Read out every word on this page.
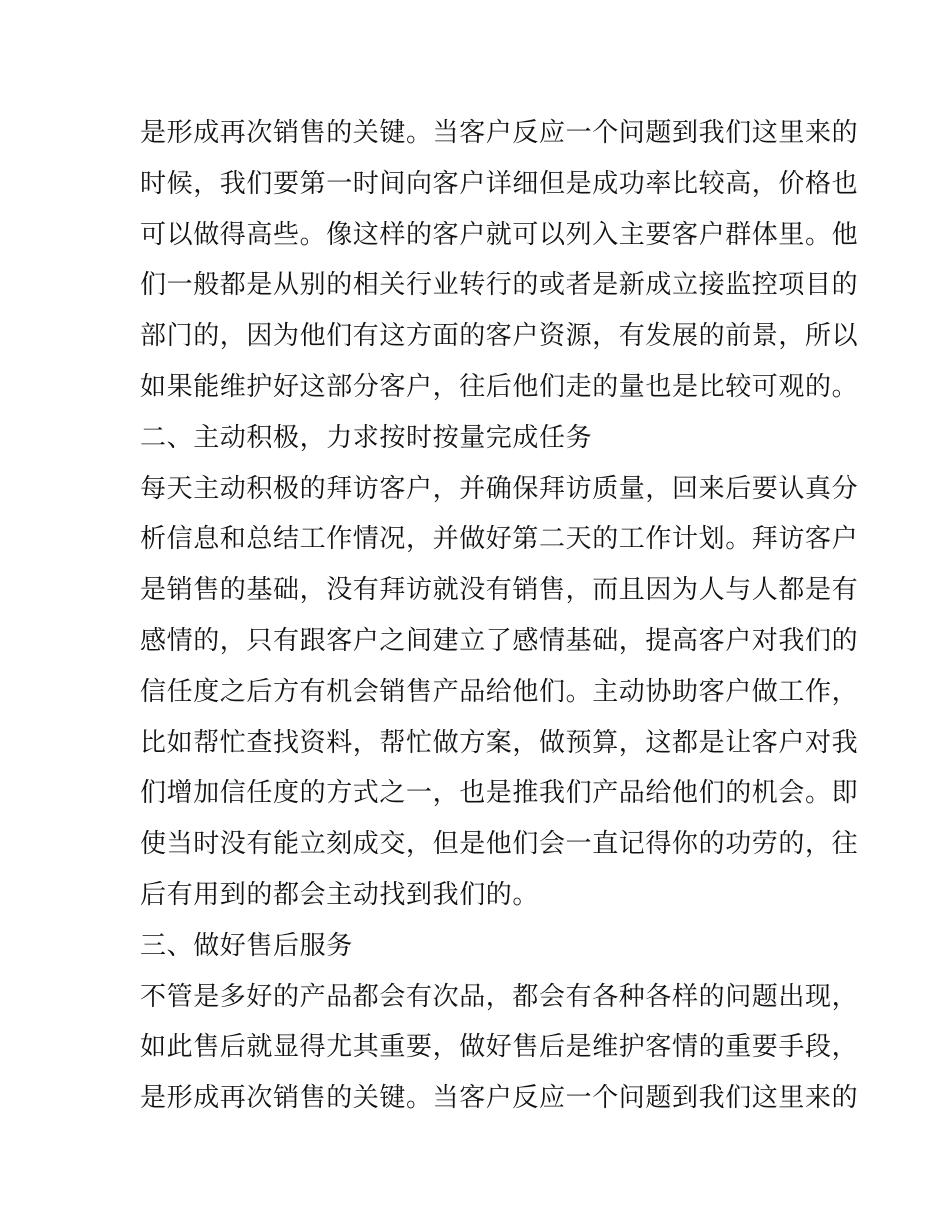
是形成再次销售的关键。当客户反应一个问题到我们这里来的
时候，我们要第一时间向客户详细但是成功率比较高，价格也
可以做得高些。像这样的客户就可以列入主要客户群体里。他
们一般都是从别的相关行业转行的或者是新成立接监控项目的
部门的，因为他们有这方面的客户资源，有发展的前景，所以
如果能维护好这部分客户，往后他们走的量也是比较可观的。
二、主动积极，力求按时按量完成任务
每天主动积极的拜访客户，并确保拜访质量，回来后要认真分
析信息和总结工作情况，并做好第二天的工作计划。拜访客户
是销售的基础，没有拜访就没有销售，而且因为人与人都是有
感情的，只有跟客户之间建立了感情基础，提高客户对我们的
信任度之后方有机会销售产品给他们。主动协助客户做工作，
比如帮忙查找资料，帮忙做方案，做预算，这都是让客户对我
们增加信任度的方式之一，也是推我们产品给他们的机会。即
使当时没有能立刻成交，但是他们会一直记得你的功劳的，往
后有用到的都会主动找到我们的。
三、做好售后服务
不管是多好的产品都会有次品，都会有各种各样的问题出现，
如此售后就显得尤其重要，做好售后是维护客情的重要手段，
是形成再次销售的关键。当客户反应一个问题到我们这里来的
